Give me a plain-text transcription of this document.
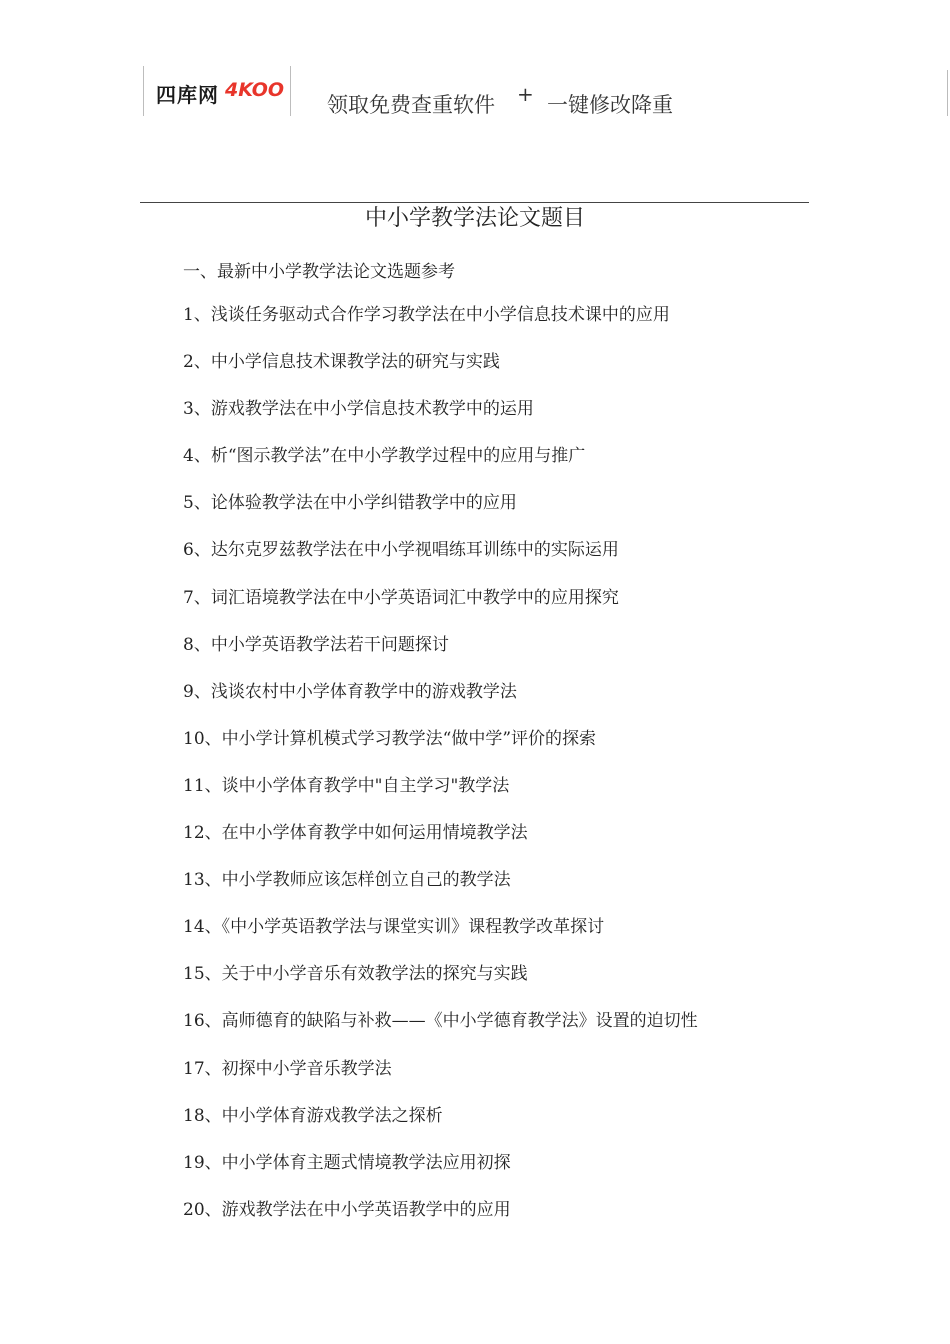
四库网 4KOO
领取免费查重软件 + 一键修改降重
中小学教学法论文题目
一、最新中小学教学法论文选题参考
1、浅谈任务驱动式合作学习教学法在中小学信息技术课中的应用
2、中小学信息技术课教学法的研究与实践
3、游戏教学法在中小学信息技术教学中的运用
4、析“图示教学法”在中小学教学过程中的应用与推广
5、论体验教学法在中小学纠错教学中的应用
6、达尔克罗兹教学法在中小学视唱练耳训练中的实际运用
7、词汇语境教学法在中小学英语词汇中教学中的应用探究
8、中小学英语教学法若干问题探讨
9、浅谈农村中小学体育教学中的游戏教学法
10、中小学计算机模式学习教学法“做中学”评价的探索
11、谈中小学体育教学中"自主学习"教学法
12、在中小学体育教学中如何运用情境教学法
13、中小学教师应该怎样创立自己的教学法
14、《中小学英语教学法与课堂实训》课程教学改革探讨
15、关于中小学音乐有效教学法的探究与实践
16、高师德育的缺陷与补救——《中小学德育教学法》设置的迫切性
17、初探中小学音乐教学法
18、中小学体育游戏教学法之探析
19、中小学体育主题式情境教学法应用初探
20、游戏教学法在中小学英语教学中的应用
